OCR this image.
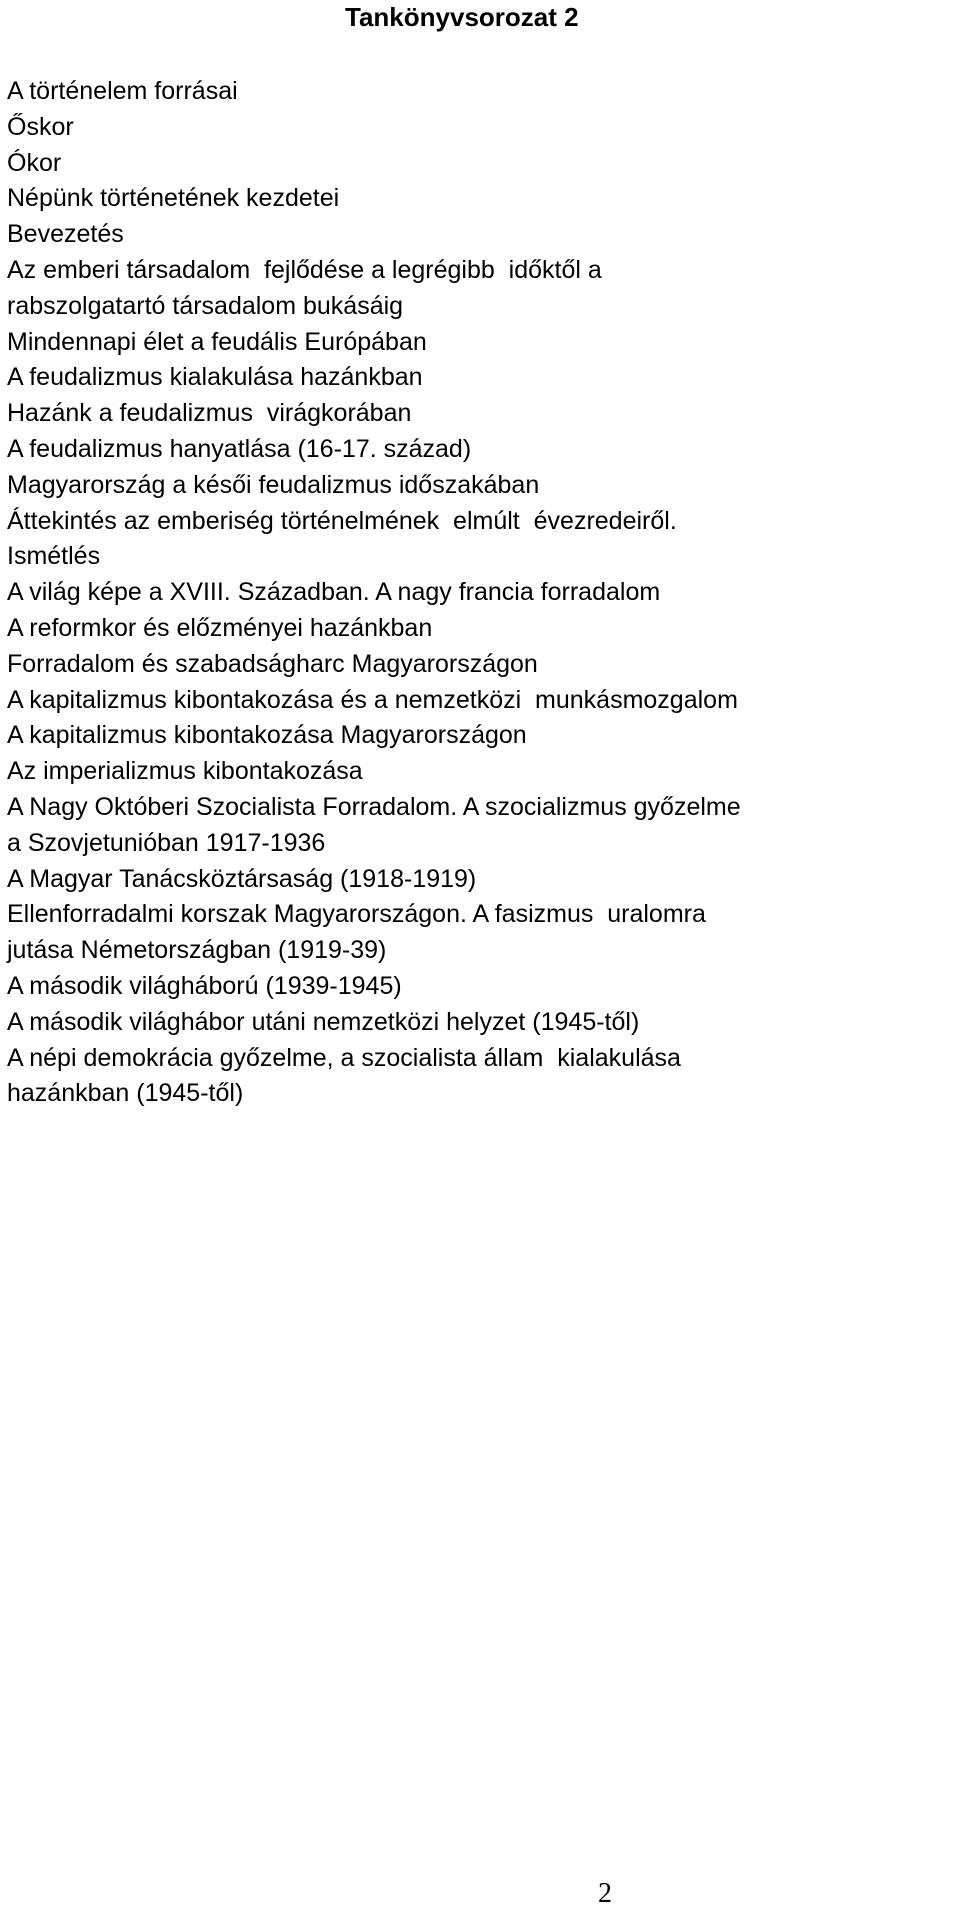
Tankönyvsorozat 2
A történelem forrásai
Őskor
Ókor
Népünk történetének kezdetei
Bevezetés
Az emberi társadalom  fejlődése a legrégibb  időktől a
rabszolgatartó társadalom bukásáig
Mindennapi élet a feudális Európában
A feudalizmus kialakulása hazánkban
Hazánk a feudalizmus  virágkorában
A feudalizmus hanyatlása (16-17. század)
Magyarország a késői feudalizmus időszakában
Áttekintés az emberiség történelmének  elmúlt  évezredeiről.
Ismétlés
A világ képe a XVIII. Században. A nagy francia forradalom
A reformkor és előzményei hazánkban
Forradalom és szabadságharc Magyarországon
A kapitalizmus kibontakozása és a nemzetközi  munkásmozgalom
A kapitalizmus kibontakozása Magyarországon
Az imperializmus kibontakozása
A Nagy Októberi Szocialista Forradalom. A szocializmus győzelme
a Szovjetunióban 1917-1936
A Magyar Tanácsköztársaság (1918-1919)
Ellenforradalmi korszak Magyarországon. A fasizmus  uralomra
jutása Németországban (1919-39)
A második világháború (1939-1945)
A második világhábor utáni nemzetközi helyzet (1945-től)
A népi demokrácia győzelme, a szocialista állam  kialakulása
hazánkban (1945-től)
2
